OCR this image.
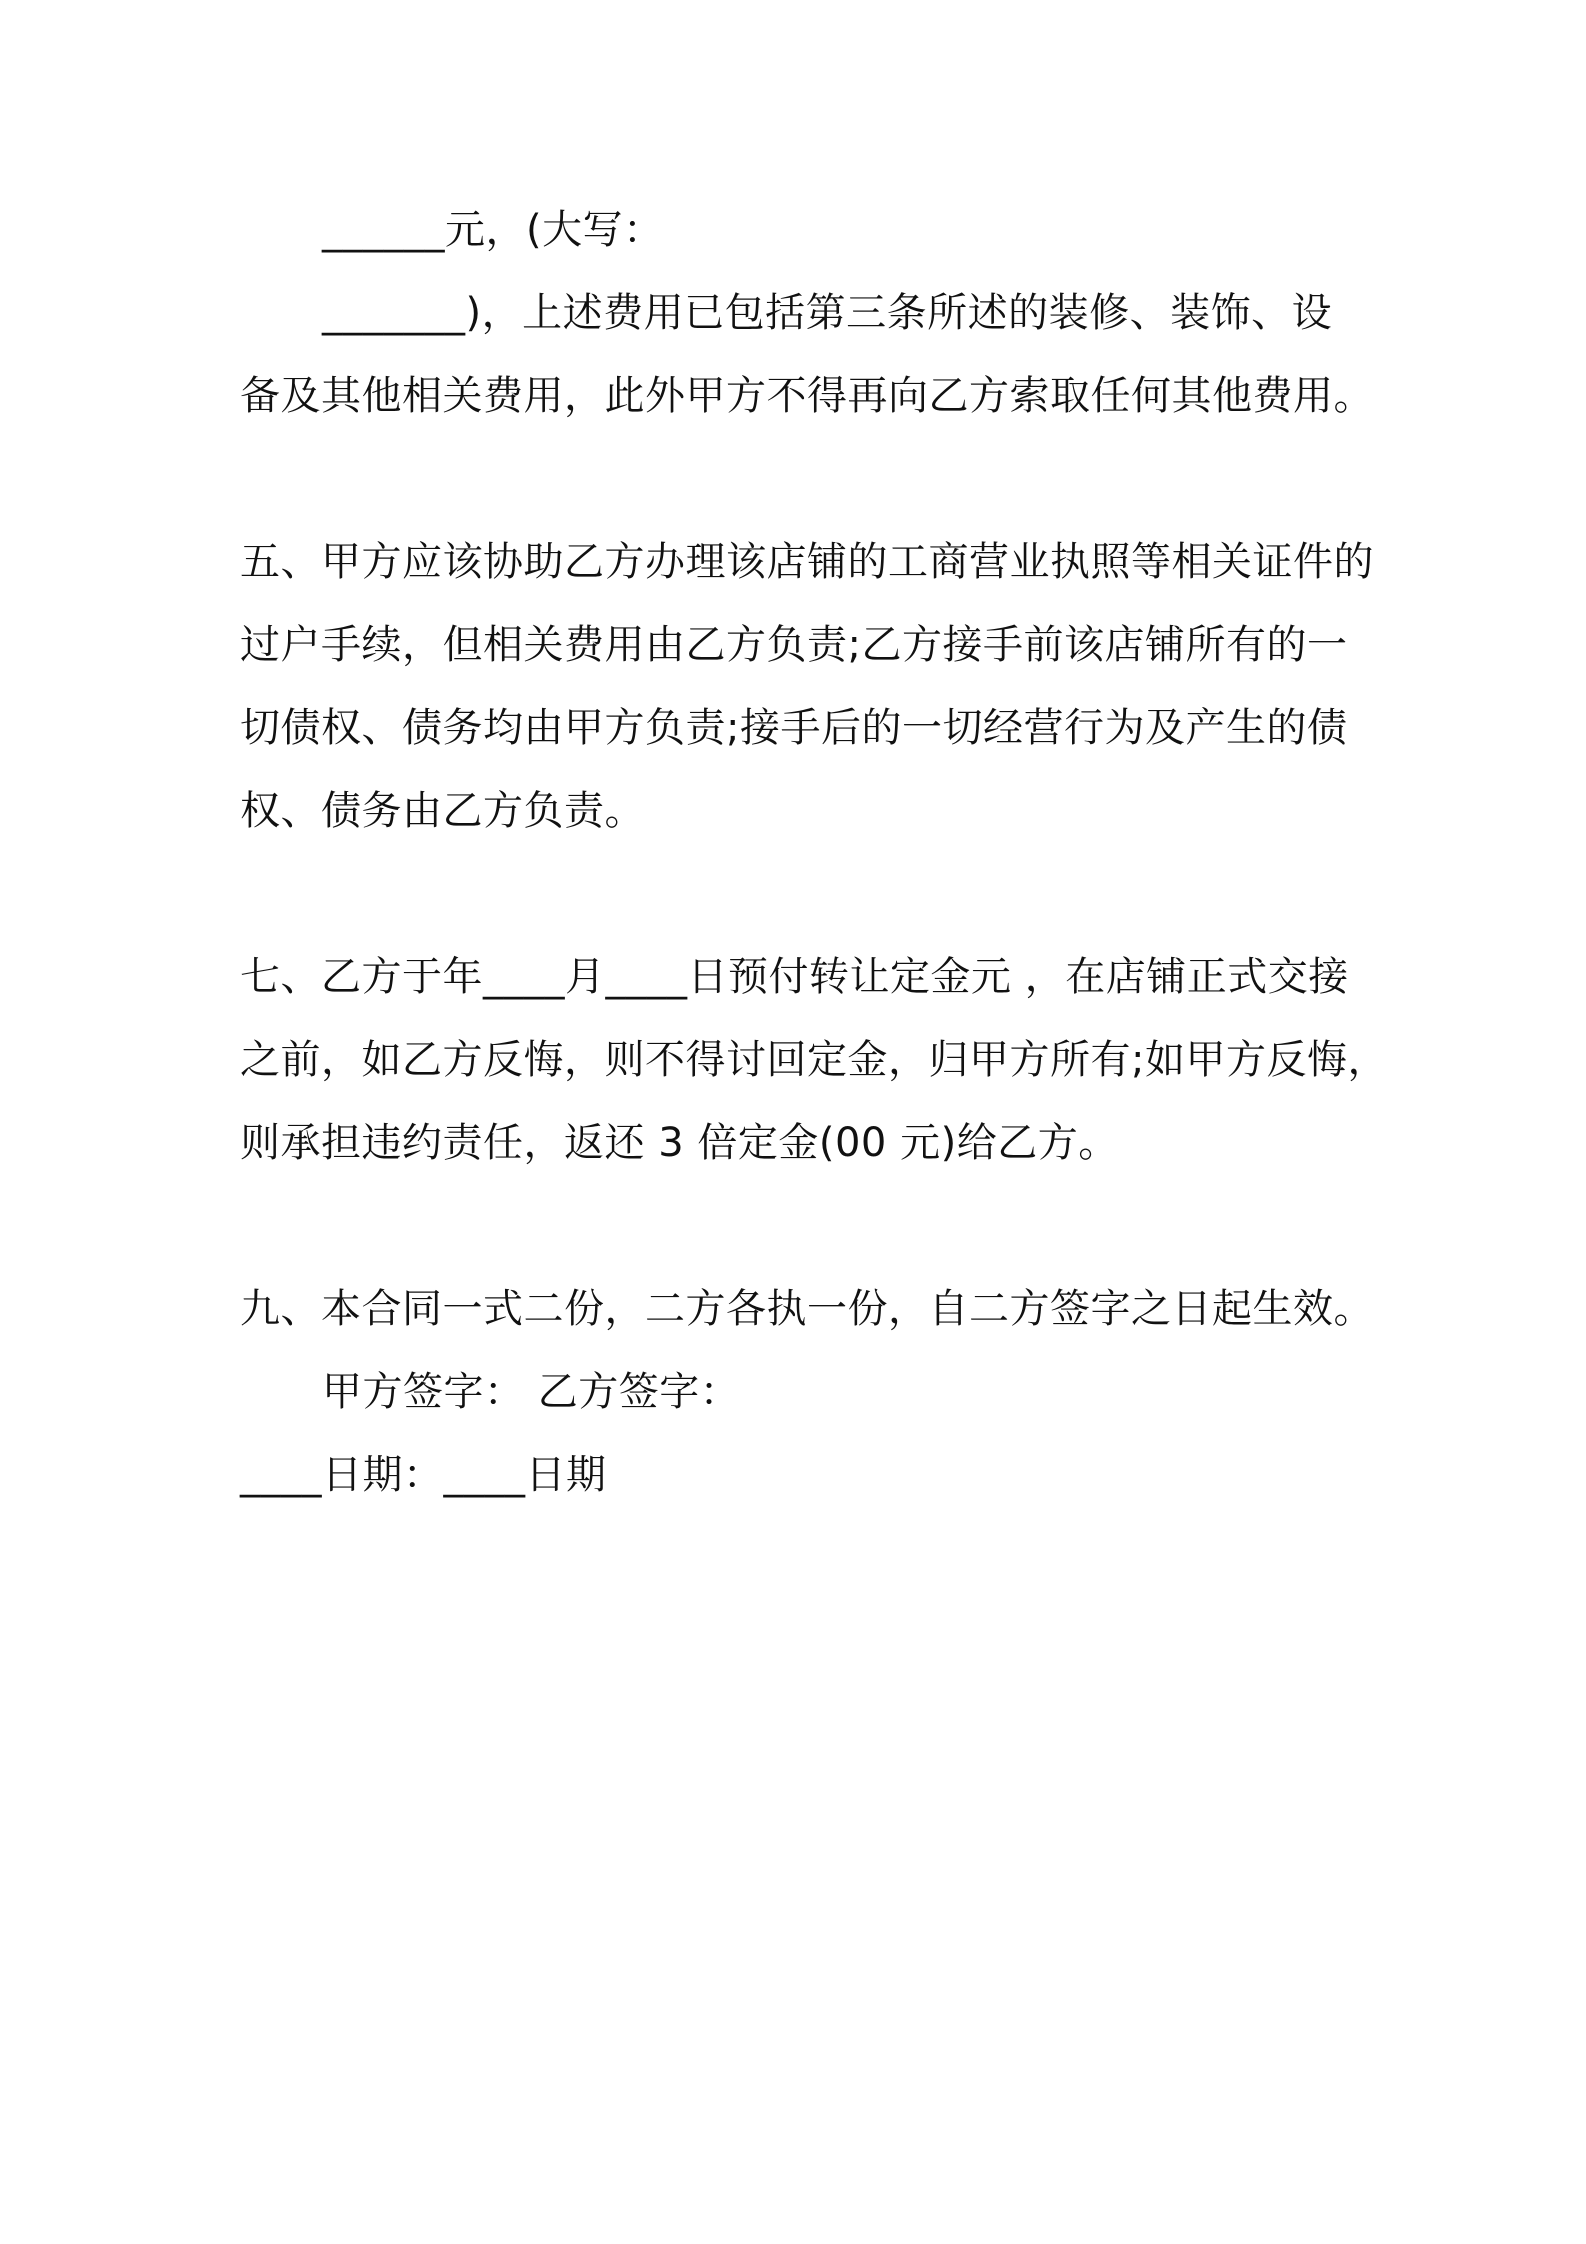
______元，(大写：
_______)，上述费用已包括第三条所述的装修、装饰、设
备及其他相关费用，此外甲方不得再向乙方索取任何其他费用。
五、甲方应该协助乙方办理该店铺的工商营业执照等相关证件的
过户手续，但相关费用由乙方负责;乙方接手前该店铺所有的一
切债权、债务均由甲方负责;接手后的一切经营行为及产生的债
权、债务由乙方负责。
七、乙方于年____月____日预付转让定金元 ，在店铺正式交接
之前，如乙方反悔，则不得讨回定金，归甲方所有;如甲方反悔，
则承担违约责任，返还 3 倍定金(00 元)给乙方。
九、本合同一式二份，二方各执一份，自二方签字之日起生效。
甲方签字： 乙方签字：
____日期：____日期
